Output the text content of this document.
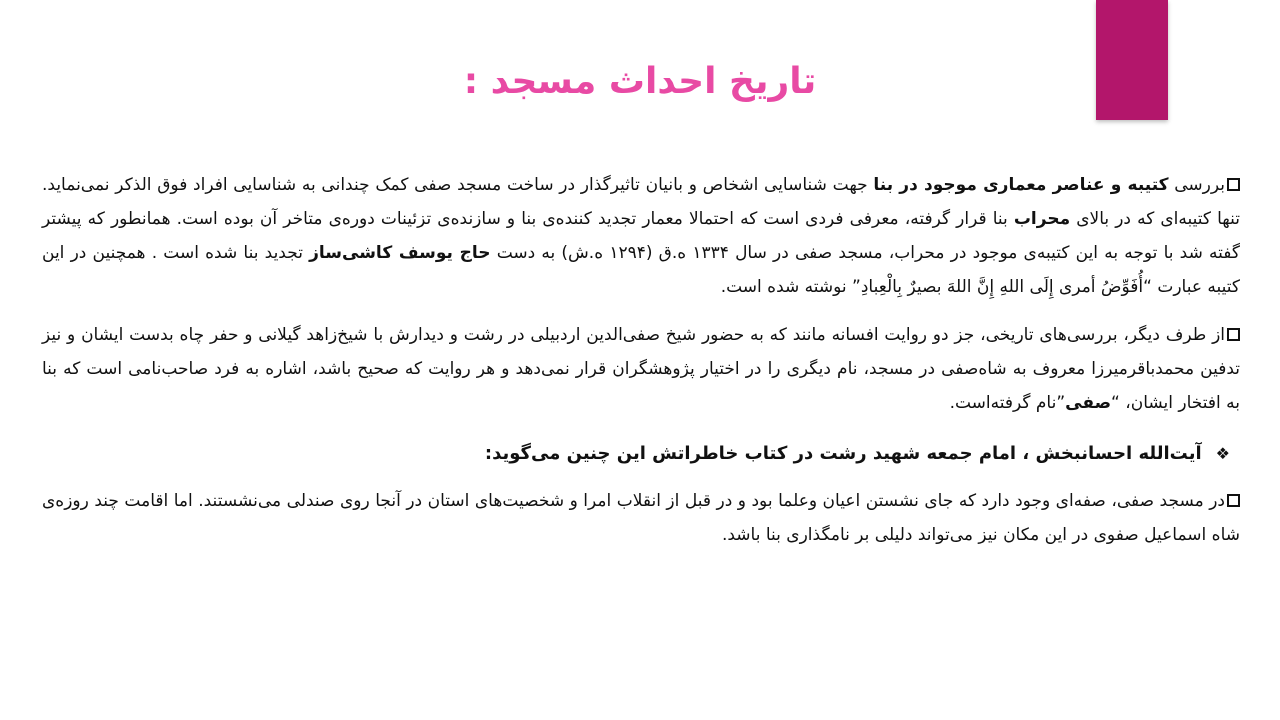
تاریخ احداث مسجد :

بررسی کتیبه و عناصر معماری موجود در بنا جهت شناسایی اشخاص و بانیان تاثیرگذار در ساخت مسجد صفی کمک چندانی به شناسایی افراد فوق الذکر نمی‌نماید. تنها کتیبه‌ای که در بالای محراب بنا قرار گرفته، معرفی فردی است که احتمالا معمار تجدید کننده‌ی بنا و سازنده‌ی تزئینات دوره‌ی متاخر آن بوده است. همانطور که پیشتر گفته شد با توجه به این کتیبه‌ی موجود در محراب، مسجد صفی در سال ۱۳۳۴ ه.ق (۱۲۹۴ ه.ش) به دست حاج یوسف کاشی‌ساز تجدید بنا شده است . همچنین در این کتیبه عبارت “أُفَوِّضُ أمری إِلَی اللهِ إِنَّ اللهَ بصیرٌ بِالْعِبادِ” نوشته شده است.

از طرف دیگر، بررسی‌های تاریخی، جز دو روایت افسانه مانند که به حضور شیخ صفی‌الدین اردبیلی در رشت و دیدارش با شیخ‌زاهد گیلانی و حفر چاه بدست ایشان و نیز تدفین محمدباقرمیرزا معروف به شاه‌صفی در مسجد، نام دیگری را در اختیار پژوهشگران قرار نمی‌دهد و هر روایت که صحیح باشد، اشاره به فرد صاحب‌نامی است که بنا به افتخار ایشان، “صفی”نام گرفته‌است.

❖آیت‌الله احسانبخش ، امام جمعه شهید رشت در کتاب خاطراتش این چنین می‌گوید:

در مسجد صفی، صفه‌ای وجود دارد که جای نشستن اعیان وعلما بود و در قبل از انقلاب امرا و شخصیت‌های استان در آنجا روی صندلی می‌نشستند. اما اقامت چند روزه‌ی شاه اسماعیل صفوی در این مکان نیز می‌تواند دلیلی بر نامگذاری بنا باشد.
